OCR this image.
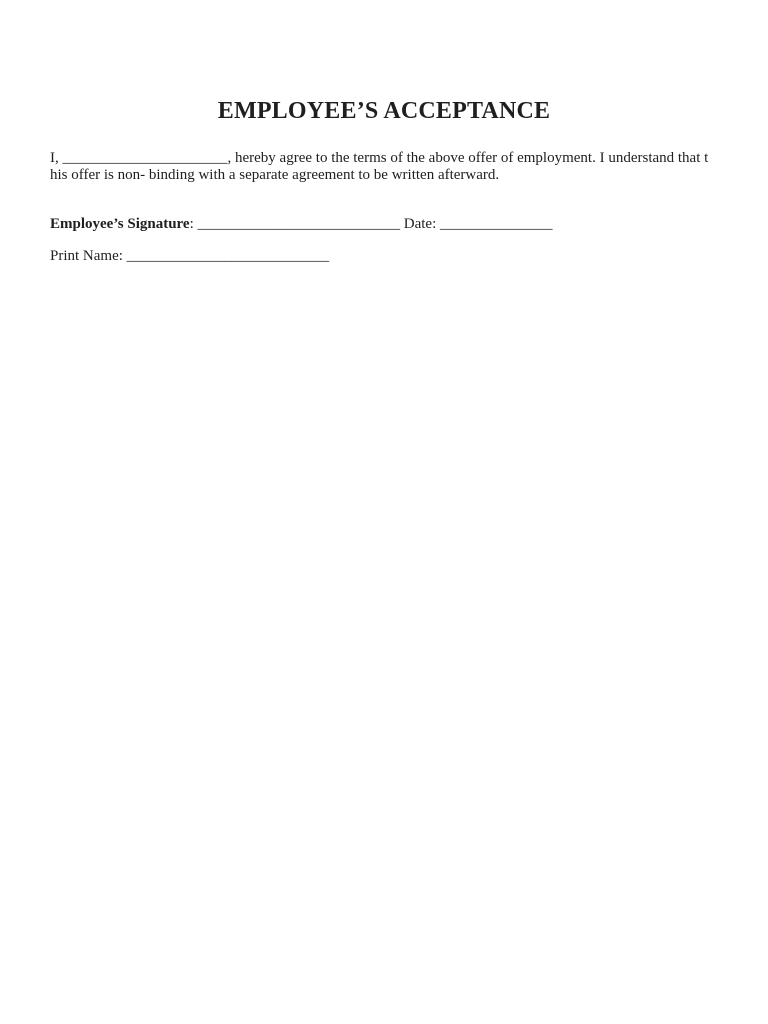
EMPLOYEE’S ACCEPTANCE

I, ______________________, hereby agree to the terms of the above offer of employment. I understand that t

his offer is non- binding with a separate agreement to be written afterward.

Employee’s Signature: ___________________________ Date: _______________

Print Name: ___________________________
